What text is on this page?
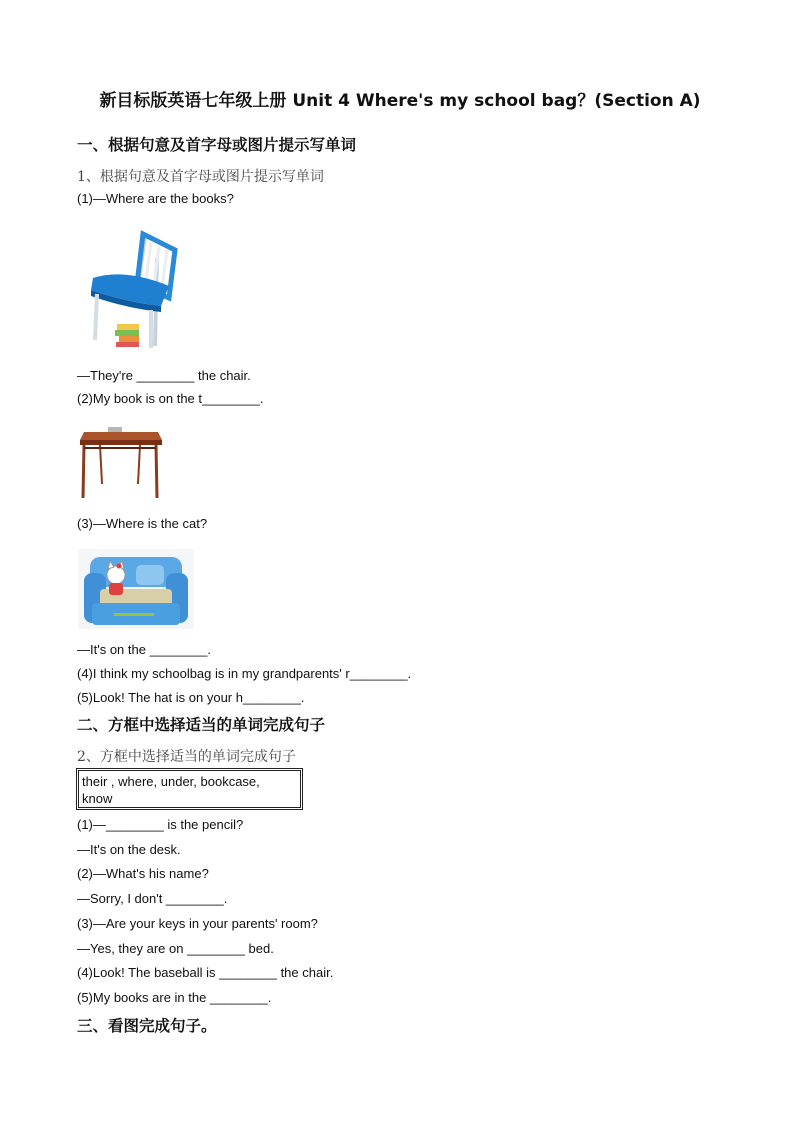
新目标版英语七年级上册 Unit 4 Where's my school bag？(Section A)
一、根据句意及首字母或图片提示写单词
1、根据句意及首字母或图片提示写单词
(1)—Where are the books?
—They're ________ the chair.
(2)My book is on the t________.
(3)—Where is the cat?
—It's on the ________.
(4)I think my schoolbag is in my grandparents' r________.
(5)Look! The hat is on your h________.
二、方框中选择适当的单词完成句子
2、方框中选择适当的单词完成句子
their , where, under, bookcase,
know
(1)—________ is the pencil?
—It's on the desk.
(2)—What's his name?
—Sorry, I don't ________.
(3)—Are your keys in your parents' room?
—Yes, they are on ________ bed.
(4)Look! The baseball is ________ the chair.
(5)My books are in the ________.
三、看图完成句子。
